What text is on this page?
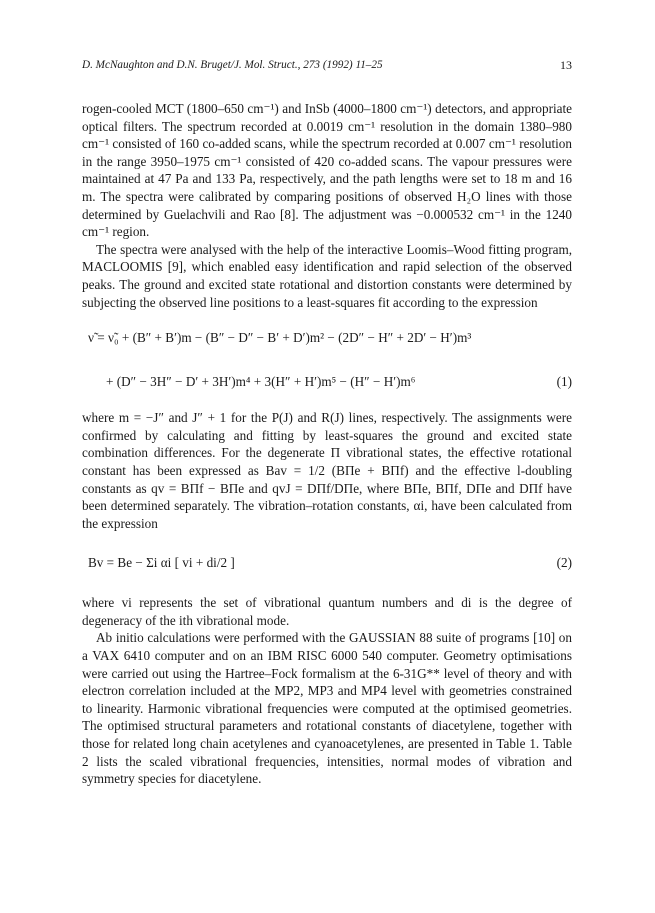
D. McNaughton and D.N. Bruget/J. Mol. Struct., 273 (1992) 11–25	13

rogen-cooled MCT (1800–650 cm⁻¹) and InSb (4000–1800 cm⁻¹) detectors, and appropriate optical filters. The spectrum recorded at 0.0019 cm⁻¹ resolution in the domain 1380–980 cm⁻¹ consisted of 160 co-added scans, while the spectrum recorded at 0.007 cm⁻¹ resolution in the range 3950–1975 cm⁻¹ consisted of 420 co-added scans. The vapour pressures were maintained at 47 Pa and 133 Pa, respectively, and the path lengths were set to 18 m and 16 m. The spectra were calibrated by comparing positions of observed H₂O lines with those determined by Guelachvili and Rao [8]. The adjustment was −0.000532 cm⁻¹ in the 1240 cm⁻¹ region.

The spectra were analysed with the help of the interactive Loomis–Wood fitting program, MACLOOMIS [9], which enabled easy identification and rapid selection of the observed peaks. The ground and excited state rotational and distortion constants were determined by subjecting the observed line positions to a least-squares fit according to the expression

ν̃ = ν̃₀ + (B″ + B′)m − (B″ − D″ − B′ + D′)m² − (2D″ − H″ + 2D′ − H′)m³
+ (D″ − 3H″ − D′ + 3H′)m⁴ + 3(H″ + H′)m⁵ − (H″ − H′)m⁶	(1)

where m = −J″ and J″ + 1 for the P(J) and R(J) lines, respectively. The assignments were confirmed by calculating and fitting by least-squares the ground and excited state combination differences. For the degenerate Π vibrational states, the effective rotational constant has been expressed as Bav = 1/2 (BΠe + BΠf) and the effective l-doubling constants as qv = BΠf − BΠe and qvJ = DΠf/DΠe, where BΠe, BΠf, DΠe and DΠf have been determined separately. The vibration–rotation constants, αi, have been calculated from the expression

Bv = Be − Σi αi [ vi + di/2 ]	(2)

where vi represents the set of vibrational quantum numbers and di is the degree of degeneracy of the ith vibrational mode.

Ab initio calculations were performed with the GAUSSIAN 88 suite of programs [10] on a VAX 6410 computer and on an IBM RISC 6000 540 computer. Geometry optimisations were carried out using the Hartree–Fock formalism at the 6-31G** level of theory and with electron correlation included at the MP2, MP3 and MP4 level with geometries constrained to linearity. Harmonic vibrational frequencies were computed at the optimised geometries. The optimised structural parameters and rotational constants of diacetylene, together with those for related long chain acetylenes and cyanoacetylenes, are presented in Table 1. Table 2 lists the scaled vibrational frequencies, intensities, normal modes of vibration and symmetry species for diacetylene.
